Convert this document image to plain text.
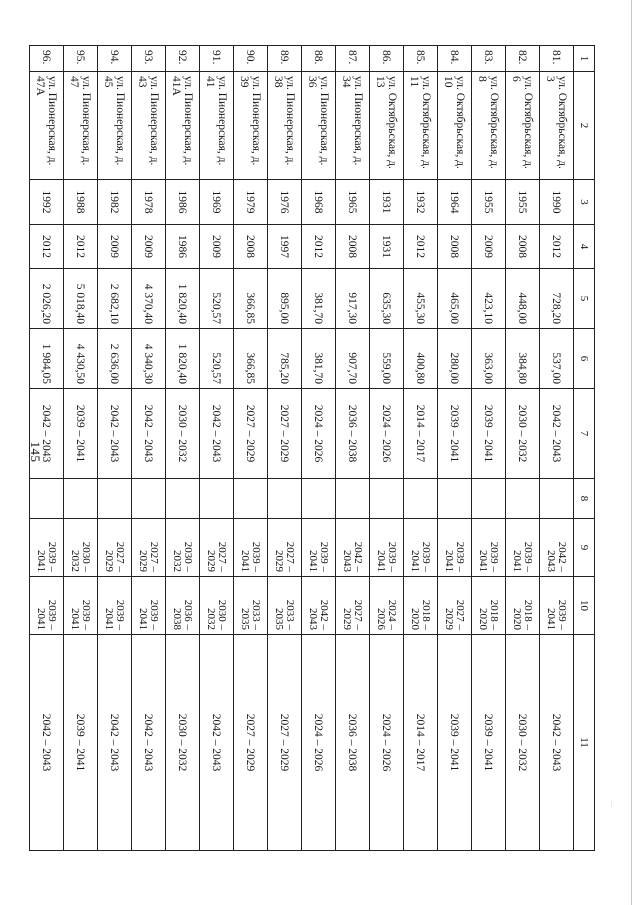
145
1	2	3	4	5	6	7	8	9	10	11
81.	ул. Октябрьская, д. 3	1990	2012	728,20	537,00	2042 – 2043		2042 – 2043	2039 – 2041	2042 – 2043
82.	ул. Октябрьская, д. 6	1955	2008	448,00	384,80	2030 – 2032		2039 – 2041	2018 – 2020	2030 – 2032
83.	ул. Октябрьская, д. 8	1955	2009	423,10	363,00	2039 – 2041		2039 – 2041	2018 – 2020	2039 – 2041
84.	ул. Октябрьская, д. 10	1964	2008	465,00	280,00	2039 – 2041		2039 – 2041	2027 – 2029	2039 – 2041
85.	ул. Октябрьская, д. 11	1932	2012	455,30	400,80	2014 – 2017		2039 – 2041	2018 – 2020	2014 – 2017
86.	ул. Октябрьская, д. 13	1931	1931	635,30	559,00	2024 – 2026		2039 – 2041	2024 – 2026	2024 – 2026
87.	ул. Пионерская, д. 34	1965	2008	917,30	907,70	2036 – 2038		2042 – 2043	2027 – 2029	2036 – 2038
88.	ул. Пионерская, д. 36	1968	2012	381,70	381,70	2024 – 2026		2039 – 2041	2042 – 2043	2024 – 2026
89.	ул. Пионерская, д. 38	1976	1997	895,00	785,20	2027 – 2029		2027 – 2029	2033 – 2035	2027 – 2029
90.	ул. Пионерская, д. 39	1979	2008	366,85	366,85	2027 – 2029		2039 – 2041	2033 – 2035	2027 – 2029
91.	ул. Пионерская, д. 41	1969	2009	520,57	520,57	2042 – 2043		2027 – 2029	2030 – 2032	2042 – 2043
92.	ул. Пионерская, д. 41А	1986	1986	1 820,40	1 820,40	2030 – 2032		2030 – 2032	2036 – 2038	2030 – 2032
93.	ул. Пионерская, д. 43	1978	2009	4 370,40	4 340,30	2042 – 2043		2027 – 2029	2039 – 2041	2042 – 2043
94.	ул. Пионерская, д. 45	1982	2009	2 682,10	2 636,00	2042 – 2043		2027 – 2029	2039 – 2041	2042 – 2043
95.	ул. Пионерская, д. 47	1988	2012	5 018,40	4 430,50	2039 – 2041		2030 – 2032	2039 – 2041	2039 – 2041
96.	ул. Пионерская, д. 47А	1992	2012	2 026,20	1 984,05	2042 – 2043		2039 – 2041	2039 – 2041	2042 – 2043
⁝
